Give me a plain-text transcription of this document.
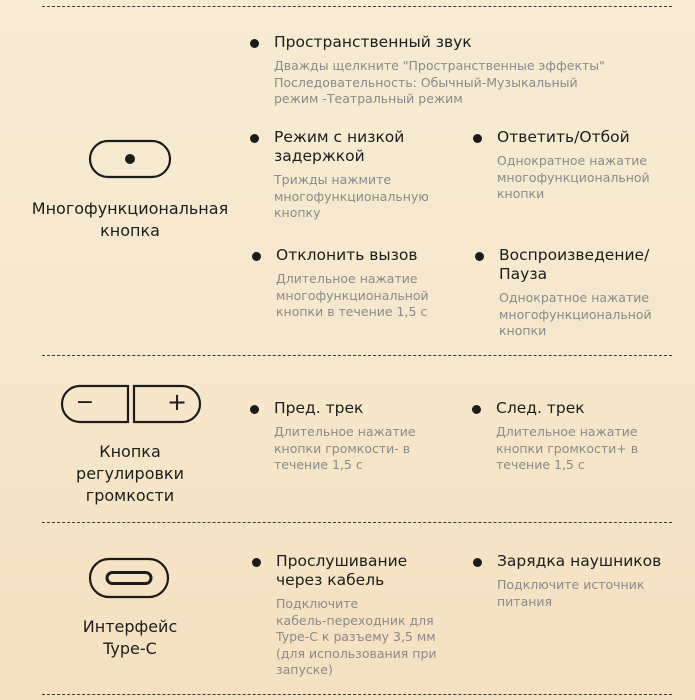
Многофункциональная
кнопка
Пространственный звук
Дважды щелкните "Пространственные эффекты"
Последовательность: Обычный-Музыкальный
режим -Театральный режим
Режим с низкой
задержкой
Трижды нажмите
многофункциональную
кнопку
Ответить/Отбой
Однократное нажатие
многофункциональной
кнопки
Отклонить вызов
Длительное нажатие
многофункциональной
кнопки в течение 1,5 с
Воспроизведение/
Пауза
Однократное нажатие
многофункциональной
кнопки
−	+
Кнопка
регулировки
громкости
Пред. трек
Длительное нажатие
кнопки громкости- в
течение 1,5 с
След. трек
Длительное нажатие
кнопки громкости+ в
течение 1,5 с
Интерфейс
Type-C
Прослушивание
через кабель
Подключите
кабель-переходник для
Type-C к разъему 3,5 мм
(для использования при запуске)
Зарядка наушников
Подключите источник
питания
